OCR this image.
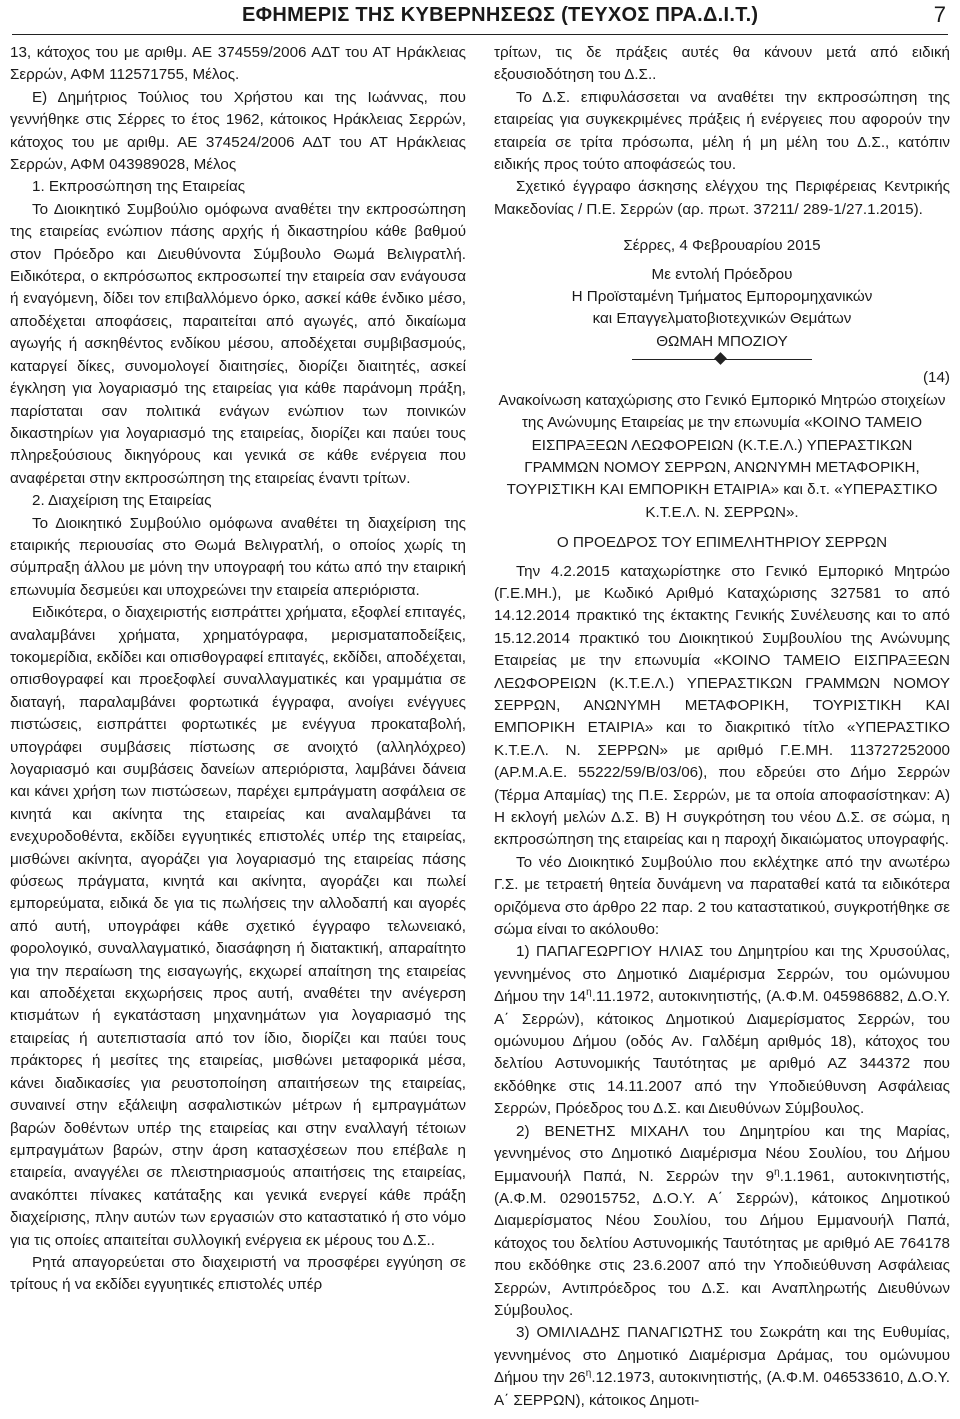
ΕΦΗΜΕΡΙΣ ΤΗΣ ΚΥΒΕΡΝΗΣΕΩΣ (ΤΕΥΧΟΣ ΠΡΑ.Δ.Ι.Τ.)	7

13, κάτοχος του με αριθμ. ΑΕ 374559/2006 ΑΔΤ του ΑΤ Ηράκλειας Σερρών, ΑΦΜ 112571755, Μέλος.

Ε) Δημήτριος Τούλιος του Χρήστου και της Ιωάννας, που γεννήθηκε στις Σέρρες το έτος 1962, κάτοικος Ηράκλειας Σερρών, κάτοχος του με αριθμ. ΑΕ 374524/2006 ΑΔΤ του ΑΤ Ηράκλειας Σερρών, ΑΦΜ 043989028, Μέλος

1. Εκπροσώπηση της Εταιρείας

Το Διοικητικό Συμβούλιο ομόφωνα αναθέτει την εκπροσώπηση της εταιρείας ενώπιον πάσης αρχής ή δικαστηρίου κάθε βαθμού στον Πρόεδρο και Διευθύνοντα Σύμβουλο Θωμά Βελιγρατλή. Ειδικότερα, ο εκπρόσωπος εκπροσωπεί την εταιρεία σαν ενάγουσα ή εναγόμενη, δίδει τον επιβαλλόμενο όρκο, ασκεί κάθε ένδικο μέσο, αποδέχεται αποφάσεις, παραιτείται από αγωγές, από δικαίωμα αγωγής ή ασκηθέντος ενδίκου μέσου, αποδέχεται συμβιβασμούς, καταργεί δίκες, συνομολογεί διαιτησίες, διορίζει διαιτητές, ασκεί έγκληση για λογαριασμό της εταιρείας για κάθε παράνομη πράξη, παρίσταται σαν πολιτικά ενάγων ενώπιον των ποινικών δικαστηρίων για λογαριασμό της εταιρείας, διορίζει και παύει τους πληρεξούσιους δικηγόρους και γενικά σε κάθε ενέργεια που αναφέρεται στην εκπροσώπηση της εταιρείας έναντι τρίτων.

2. Διαχείριση της Εταιρείας

Το Διοικητικό Συμβούλιο ομόφωνα αναθέτει τη διαχείριση της εταιρικής περιουσίας στο Θωμά Βελιγρατλή, ο οποίος χωρίς τη σύμπραξη άλλου με μόνη την υπογραφή του κάτω από την εταιρική επωνυμία δεσμεύει και υποχρεώνει την εταιρεία απεριόριστα.

Ειδικότερα, ο διαχειριστής εισπράττει χρήματα, εξοφλεί επιταγές, αναλαμβάνει χρήματα, χρηματόγραφα, μερισματαποδείξεις, τοκομερίδια, εκδίδει και οπισθογραφεί επιταγές, εκδίδει, αποδέχεται, οπισθογραφεί και προεξοφλεί συναλλαγματικές και γραμμάτια σε διαταγή, παραλαμβάνει φορτωτικά έγγραφα, ανοίγει ενέγγυες πιστώσεις, εισπράττει φορτωτικές με ενέγγυα προκαταβολή, υπογράφει συμβάσεις πίστωσης σε ανοιχτό (αλληλόχρεο) λογαριασμό και συμβάσεις δανείων απεριόριστα, λαμβάνει δάνεια και κάνει χρήση των πιστώσεων, παρέχει εμπράγματη ασφάλεια σε κινητά και ακίνητα της εταιρείας και αναλαμβάνει τα ενεχυροδοθέντα, εκδίδει εγγυητικές επιστολές υπέρ της εταιρείας, μισθώνει ακίνητα, αγοράζει για λογαριασμό της εταιρείας πάσης φύσεως πράγματα, κινητά και ακίνητα, αγοράζει και πωλεί εμπορεύματα, ειδικά δε για τις πωλήσεις την αλλοδαπή και αγορές από αυτή, υπογράφει κάθε σχετικό έγγραφο τελωνειακό, φορολογικό, συναλλαγματικό, διασάφηση ή διατακτική, απαραίτητο για την περαίωση της εισαγωγής, εκχωρεί απαίτηση της εταιρείας και αποδέχεται εκχωρήσεις προς αυτή, αναθέτει την ανέγερση κτισμάτων ή εγκατάσταση μηχανημάτων για λογαριασμό της εταιρείας ή αυτεπιστασία από τον ίδιο, διορίζει και παύει τους πράκτορες ή μεσίτες της εταιρείας, μισθώνει μεταφορικά μέσα, κάνει διαδικασίες για ρευστοποίηση απαιτήσεων της εταιρείας, συναινεί στην εξάλειψη ασφαλιστικών μέτρων ή εμπραγμάτων βαρών δοθέντων υπέρ της εταιρείας και στην εναλλαγή τέτοιων εμπραγμάτων βαρών, στην άρση κατασχέσεων που επέβαλε η εταιρεία, αναγγέλει σε πλειστηριασμούς απαιτήσεις της εταιρείας, ανακόπτει πίνακες κατάταξης και γενικά ενεργεί κάθε πράξη διαχείρισης, πλην αυτών των εργασιών στο καταστατικό ή στο νόμο για τις οποίες απαιτείται συλλογική ενέργεια εκ μέρους του Δ.Σ..

Ρητά απαγορεύεται στο διαχειριστή να προσφέρει εγγύηση σε τρίτους ή να εκδίδει εγγυητικές επιστολές υπέρ

τρίτων, τις δε πράξεις αυτές θα κάνουν μετά από ειδική εξουσιοδότηση του Δ.Σ..

Το Δ.Σ. επιφυλάσσεται να αναθέτει την εκπροσώπηση της εταιρείας για συγκεκριμένες πράξεις ή ενέργειες που αφορούν την εταιρεία σε τρίτα πρόσωπα, μέλη ή μη μέλη του Δ.Σ., κατόπιν ειδικής προς τούτο αποφάσεώς του.

Σχετικό έγγραφο άσκησης ελέγχου της Περιφέρειας Κεντρικής Μακεδονίας / Π.Ε. Σερρών (αρ. πρωτ. 37211/ 289-1/27.1.2015).

Σέρρες, 4 Φεβρουαρίου 2015

Με εντολή Πρόεδρου

Η Προϊσταμένη Τμήματος Εμπορομηχανικών

και Επαγγελματοβιοτεχνικών Θεμάτων

ΘΩΜΑΗ ΜΠΟΖΙΟΥ

(14)

Ανακοίνωση καταχώρισης στο Γενικό Εμπορικό Μητρώο στοιχείων της Ανώνυμης Εταιρείας με την επωνυμία «ΚΟΙΝΟ ΤΑΜΕΙΟ ΕΙΣΠΡΑΞΕΩΝ ΛΕΩΦΟΡΕΙΩΝ (Κ.Τ.Ε.Λ.) ΥΠΕΡΑΣΤΙΚΩΝ ΓΡΑΜΜΩΝ ΝΟΜΟΥ ΣΕΡΡΩΝ, ΑΝΩΝΥΜΗ ΜΕΤΑΦΟΡΙΚΗ, ΤΟΥΡΙΣΤΙΚΗ ΚΑΙ ΕΜΠΟΡΙΚΗ ΕΤΑΙΡΙΑ» και δ.τ. «ΥΠΕΡΑΣΤΙΚΟ Κ.Τ.Ε.Λ. Ν. ΣΕΡΡΩΝ».

Ο ΠΡΟΕΔΡΟΣ ΤΟΥ ΕΠΙΜΕΛΗΤΗΡΙΟΥ ΣΕΡΡΩΝ

Την 4.2.2015 καταχωρίστηκε στο Γενικό Εμπορικό Μητρώο (Γ.Ε.ΜΗ.), με Κωδικό Αριθμό Καταχώρισης 327581 το από 14.12.2014 πρακτικό της έκτακτης Γενικής Συνέλευσης και το από 15.12.2014 πρακτικό του Διοικητικού Συμβουλίου της Ανώνυμης Εταιρείας με την επωνυμία «ΚΟΙΝΟ ΤΑΜΕΙΟ ΕΙΣΠΡΑΞΕΩΝ ΛΕΩΦΟΡΕΙΩΝ (Κ.Τ.Ε.Λ.) ΥΠΕΡΑΣΤΙΚΩΝ ΓΡΑΜΜΩΝ ΝΟΜΟΥ ΣΕΡΡΩΝ, ΑΝΩΝΥΜΗ ΜΕΤΑΦΟΡΙΚΗ, ΤΟΥΡΙΣΤΙΚΗ ΚΑΙ ΕΜΠΟΡΙΚΗ ΕΤΑΙΡΙΑ» και το διακριτικό τίτλο «ΥΠΕΡΑΣΤΙΚΟ Κ.Τ.Ε.Λ. Ν. ΣΕΡΡΩΝ» με αριθμό Γ.Ε.ΜΗ. 113727252000 (ΑΡ.Μ.Α.Ε. 55222/59/Β/03/06), που εδρεύει στο Δήμο Σερρών (Τέρμα Απαμίας) της Π.Ε. Σερρών, με τα οποία αποφασίστηκαν: Α) Η εκλογή μελών Δ.Σ. Β) Η συγκρότηση του νέου Δ.Σ. σε σώμα, η εκπροσώπηση της εταιρείας και η παροχή δικαιώματος υπογραφής.

Το νέο Διοικητικό Συμβούλιο που εκλέχτηκε από την ανωτέρω Γ.Σ. με τετραετή θητεία δυνάμενη να παραταθεί κατά τα ειδικότερα οριζόμενα στο άρθρο 22 παρ. 2 του καταστατικού, συγκροτήθηκε σε σώμα είναι το ακόλουθο:

1) ΠΑΠΑΓΕΩΡΓΙΟΥ ΗΛΙΑΣ του Δημητρίου και της Χρυσούλας, γεννημένος στο Δημοτικό Διαμέρισμα Σερρών, του ομώνυμου Δήμου την $14^\eta.11.1972$, αυτοκινητιστής, (Α.Φ.Μ. 045986882, Δ.Ο.Υ. Α΄ Σερρών), κάτοικος Δημοτικού Διαμερίσματος Σερρών, του ομώνυμου Δήμου (οδός Αν. Γαλδέμη αριθμός 18), κάτοχος του δελτίου Αστυνομικής Ταυτότητας με αριθμό ΑΖ 344372 που εκδόθηκε στις 14.11.2007 από την Υποδιεύθυνση Ασφάλειας Σερρών, Πρόεδρος του Δ.Σ. και Διευθύνων Σύμβουλος.

2) ΒΕΝΕΤΗΣ ΜΙΧΑΗΛ του Δημητρίου και της Μαρίας, γεννημένος στο Δημοτικό Διαμέρισμα Νέου Σουλίου, του Δήμου Εμμανουήλ Παπά, Ν. Σερρών την $9^\eta.1.1961$, αυτοκινητιστής, (Α.Φ.Μ. 029015752, Δ.Ο.Υ. Α΄ Σερρών), κάτοικος Δημοτικού Διαμερίσματος Νέου Σουλίου, του Δήμου Εμμανουήλ Παπά, κάτοχος του δελτίου Αστυνομικής Ταυτότητας με αριθμό ΑΕ 764178 που εκδόθηκε στις 23.6.2007 από την Υποδιεύθυνση Ασφάλειας Σερρών, Αντιπρόεδρος του Δ.Σ. και Αναπληρωτής Διευθύνων Σύμβουλος.

3) ΟΜΙΛΙΑΔΗΣ ΠΑΝΑΓΙΩΤΗΣ του Σωκράτη και της Ευθυμίας, γεννημένος στο Δημοτικό Διαμέρισμα Δράμας, του ομώνυμου Δήμου την $26^\eta.12.1973$, αυτοκινητιστής, (Α.Φ.Μ. 046533610, Δ.Ο.Υ. Α΄ ΣΕΡΡΩΝ), κάτοικος Δημοτι-
